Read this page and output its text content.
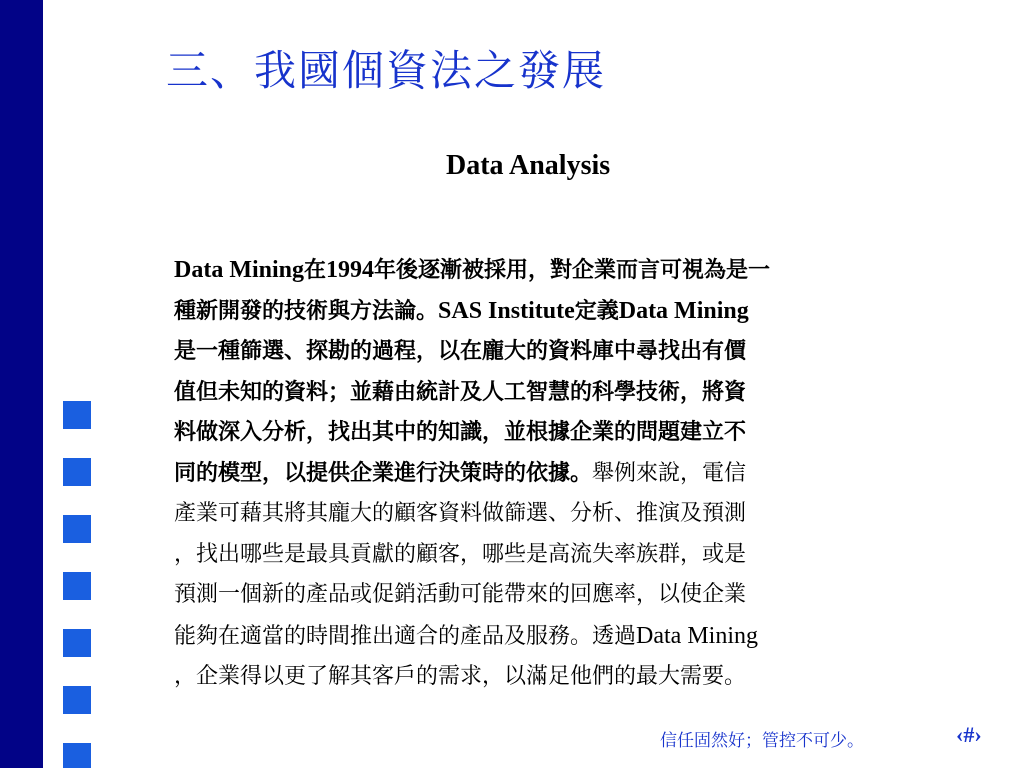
三、我國個資法之發展
Data Analysis
Data Mining在1994年後逐漸被採用，對企業而言可視為是一
種新開發的技術與方法論。SAS Institute定義Data Mining
是一種篩選、探勘的過程，以在龐大的資料庫中尋找出有價
值但未知的資料；並藉由統計及人工智慧的科學技術，將資
料做深入分析，找出其中的知識，並根據企業的問題建立不
同的模型，以提供企業進行決策時的依據。舉例來說，電信
產業可藉其將其龐大的顧客資料做篩選、分析、推演及預測
，找出哪些是最具貢獻的顧客，哪些是高流失率族群，或是
預測一個新的產品或促銷活動可能帶來的回應率，以使企業
能夠在適當的時間推出適合的產品及服務。透過Data Mining
，企業得以更了解其客戶的需求，以滿足他們的最大需要。
信任固然好；管控不可少。	‹#›
